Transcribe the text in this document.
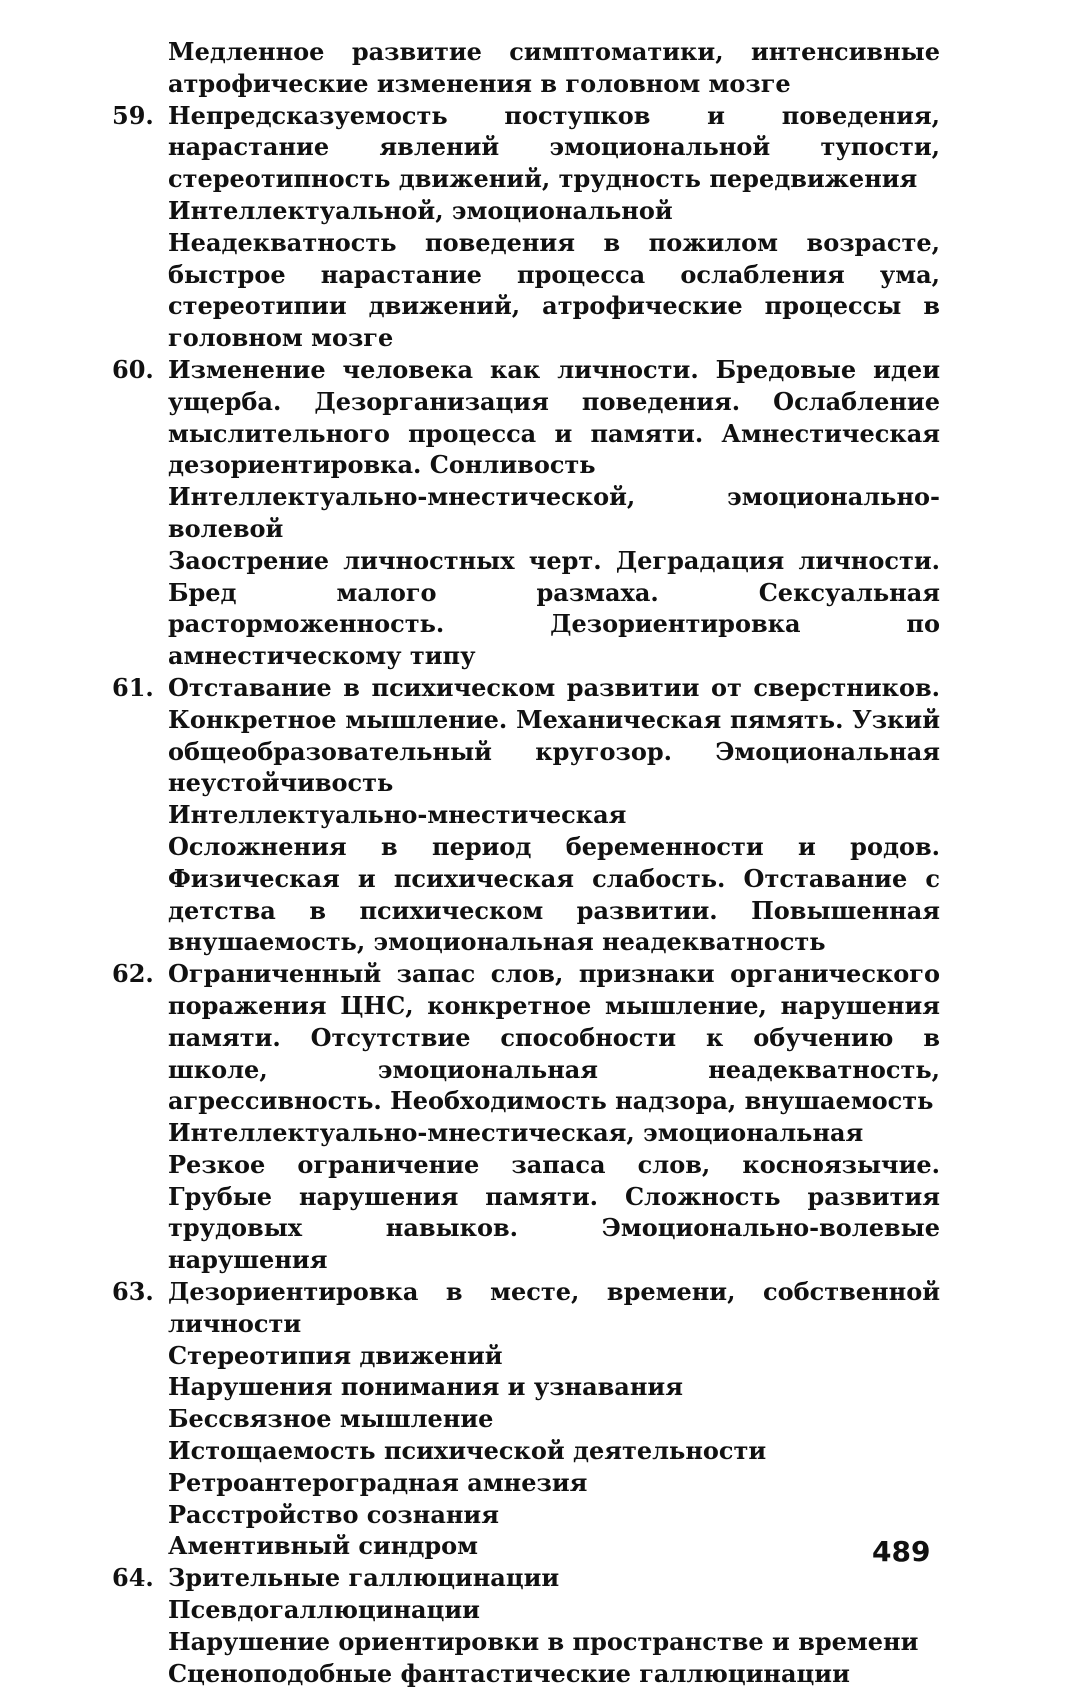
Медленное развитие симптоматики, интенсивные атрофические изменения в головном мозге

59. Непредсказуемость поступков и поведения, нарастание явлений эмоциональной тупости, стереотипность движений, трудность передвижения

Интеллектуальной, эмоциональной

Неадекватность поведения в пожилом возрасте, быстрое нарастание процесса ослабления ума, стереотипии движений, атрофические процессы в головном мозге

60. Изменение человека как личности. Бредовые идеи ущерба. Дезорганизация поведения. Ослабление мыслительного процесса и памяти. Амнестическая дезориентировка. Сонливость

Интеллектуально-мнестической, эмоционально-волевой

Заострение личностных черт. Деградация личности. Бред малого размаха. Сексуальная расторможенность. Дезориентировка по амнестическому типу

61. Отставание в психическом развитии от сверстников. Конкретное мышление. Механическая пямять. Узкий общеобразовательный кругозор. Эмоциональная неустойчивость

Интеллектуально-мнестическая

Осложнения в период беременности и родов. Физическая и психическая слабость. Отставание с детства в психическом развитии. Повышенная внушаемость, эмоциональная неадекватность

62. Ограниченный запас слов, признаки органического поражения ЦНС, конкретное мышление, нарушения памяти. Отсутствие способности к обучению в школе, эмоциональная неадекватность, агрессивность. Необходимость надзора, внушаемость

Интеллектуально-мнестическая, эмоциональная

Резкое ограничение запаса слов, косноязычие. Грубые нарушения памяти. Сложность развития трудовых навыков. Эмоционально-волевые нарушения

63. Дезориентировка в месте, времени, собственной личности

Стереотипия движений

Нарушения понимания и узнавания

Бессвязное мышление

Истощаемость психической деятельности

Ретроантероградная амнезия

Расстройство сознания

Аментивный синдром

64. Зрительные галлюцинации

Псевдогаллюцинации

Нарушение ориентировки в пространстве и времени

Сценоподобные фантастические галлюцинации

489
